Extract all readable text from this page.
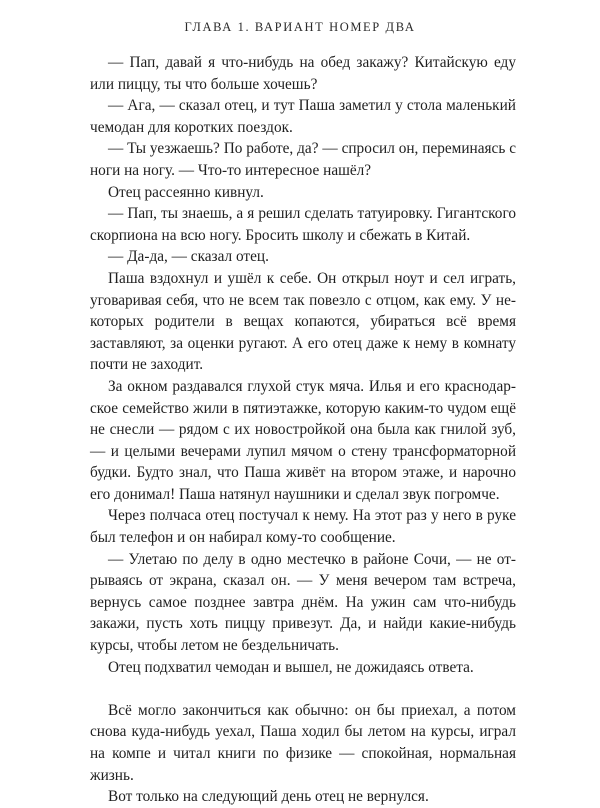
ГЛАВА 1. ВАРИАНТ НОМЕР ДВА

— Пап, давай я что-нибудь на обед закажу? Китайскую еду или пиццу, ты что больше хочешь?

— Ага, — сказал отец, и тут Паша заметил у стола маленький чемодан для коротких поездок.

— Ты уезжаешь? По работе, да? — спросил он, переминаясь с ноги на ногу. — Что-то интересное нашёл?

Отец рассеянно кивнул.

— Пап, ты знаешь, а я решил сделать татуировку. Гигантского скорпиона на всю ногу. Бросить школу и сбежать в Китай.

— Да-да, — сказал отец.

Паша вздохнул и ушёл к себе. Он открыл ноут и сел играть, уговаривая себя, что не всем так повезло с отцом, как ему. У некоторых родители в вещах копаются, убираться всё время заставляют, за оценки ругают. А его отец даже к нему в комнату почти не заходит.

За окном раздавался глухой стук мяча. Илья и его краснодарское семейство жили в пятиэтажке, которую каким-то чудом ещё не снесли — рядом с их новостройкой она была как гнилой зуб, — и целыми вечерами лупил мячом о стену трансформаторной будки. Будто знал, что Паша живёт на втором этаже, и нарочно его донимал! Паша натянул наушники и сделал звук погромче.

Через полчаса отец постучал к нему. На этот раз у него в руке был телефон и он набирал кому-то сообщение.

— Улетаю по делу в одно местечко в районе Сочи, — не отрываясь от экрана, сказал он. — У меня вечером там встреча, вернусь самое позднее завтра днём. На ужин сам что-нибудь закажи, пусть хоть пиццу привезут. Да, и найди какие-нибудь курсы, чтобы летом не бездельничать.

Отец подхватил чемодан и вышел, не дожидаясь ответа.

Всё могло закончиться как обычно: он бы приехал, а потом снова куда-нибудь уехал, Паша ходил бы летом на курсы, играл на компе и читал книги по физике — спокойная, нормальная жизнь.

Вот только на следующий день отец не вернулся.
